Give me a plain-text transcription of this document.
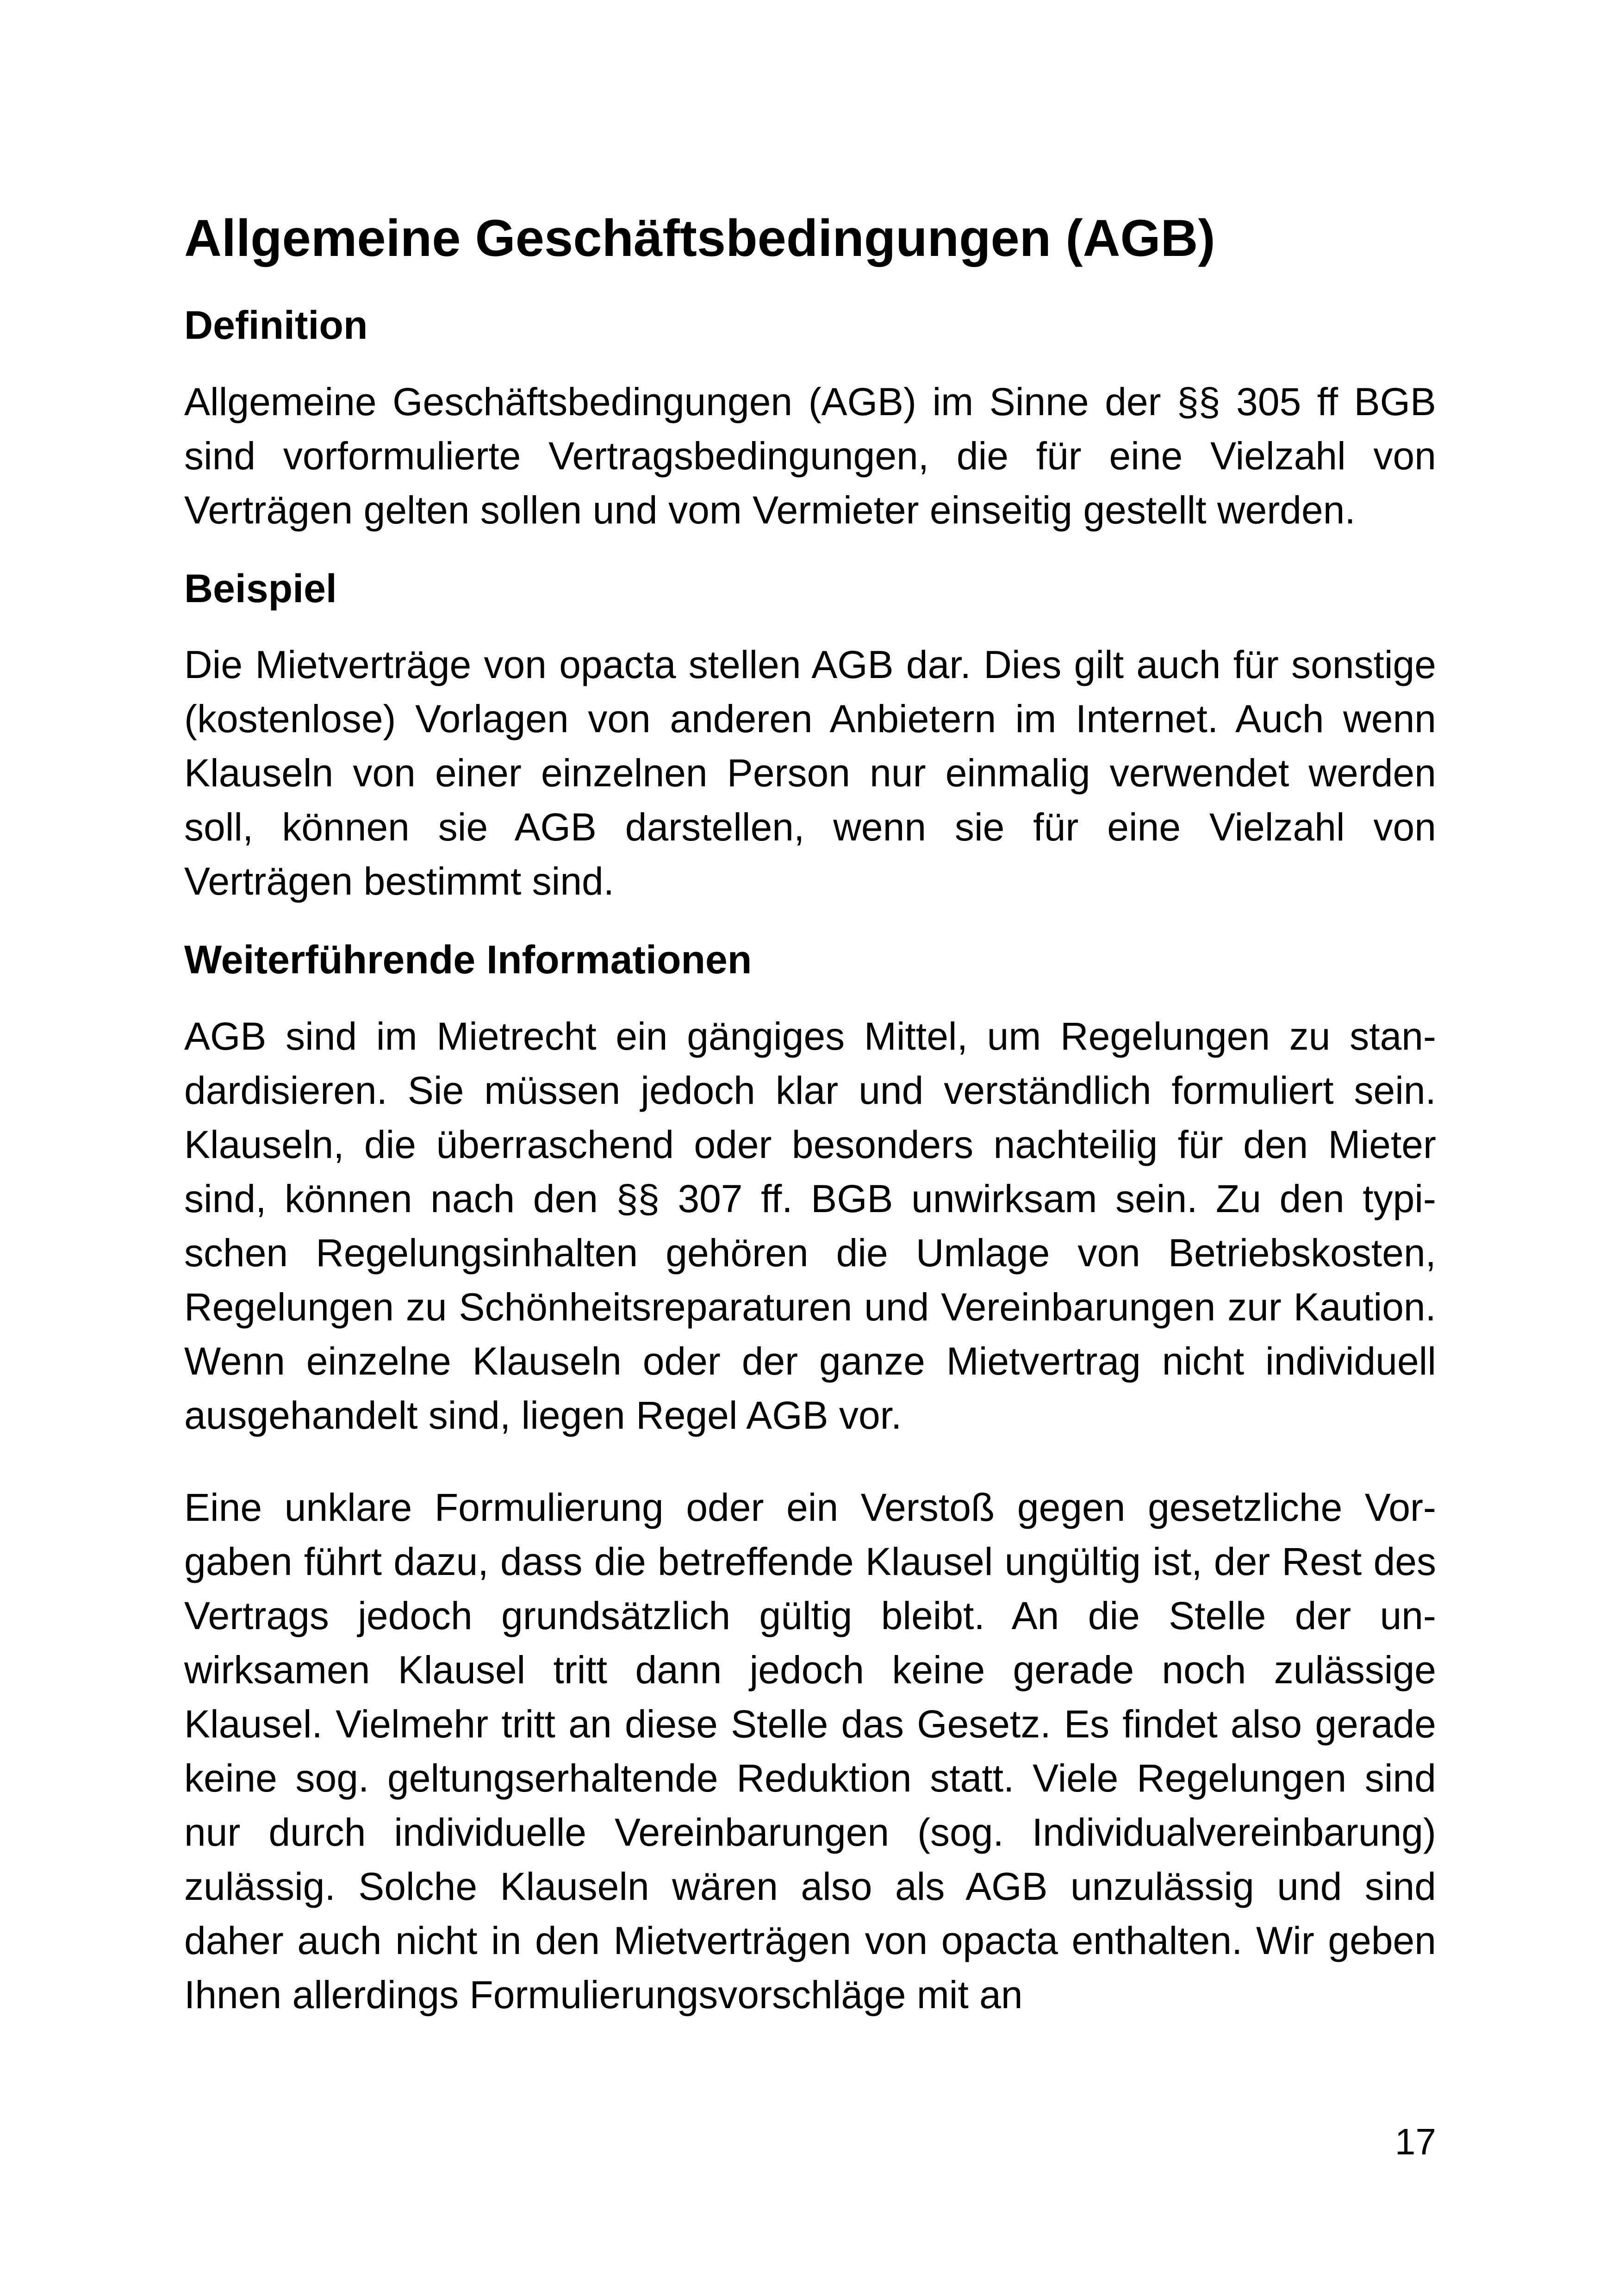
Allgemeine Geschäftsbedingungen (AGB)
Definition

Allgemeine Geschäftsbedingungen (AGB) im Sinne der §§ 305 ff BGB sind vorformulierte Vertragsbedingungen, die für eine Vielzahl von Verträgen gelten sollen und vom Vermieter einseitig gestellt werden.

Beispiel

Die Mietverträge von opacta stellen AGB dar. Dies gilt auch für sonstige (kostenlose) Vorlagen von anderen Anbietern im Internet. Auch wenn Klauseln von einer einzelnen Person nur einmalig verwendet werden soll, können sie AGB darstellen, wenn sie für eine Vielzahl von Verträgen bestimmt sind.

Weiterführende Informationen

AGB sind im Mietrecht ein gängiges Mittel, um Regelungen zu standardisieren. Sie müssen jedoch klar und verständlich formuliert sein. Klauseln, die überraschend oder besonders nachteilig für den Mieter sind, können nach den §§ 307 ff. BGB unwirksam sein. Zu den typischen Regelungsinhalten gehören die Umlage von Betriebskosten, Regelungen zu Schönheitsreparaturen und Vereinbarungen zur Kaution. Wenn einzelne Klauseln oder der ganze Mietvertrag nicht individuell ausgehandelt sind, liegen Regel AGB vor.

Eine unklare Formulierung oder ein Verstoß gegen gesetzliche Vorgaben führt dazu, dass die betreffende Klausel ungültig ist, der Rest des Vertrags jedoch grundsätzlich gültig bleibt. An die Stelle der unwirksamen Klausel tritt dann jedoch keine gerade noch zulässige Klausel. Vielmehr tritt an diese Stelle das Gesetz. Es findet also gerade keine sog. geltungserhaltende Reduktion statt. Viele Regelungen sind nur durch individuelle Vereinbarungen (sog. Individualvereinbarung) zulässig. Solche Klauseln wären also als AGB unzulässig und sind daher auch nicht in den Mietverträgen von opacta enthalten. Wir geben Ihnen allerdings Formulierungsvorschläge mit an

17
